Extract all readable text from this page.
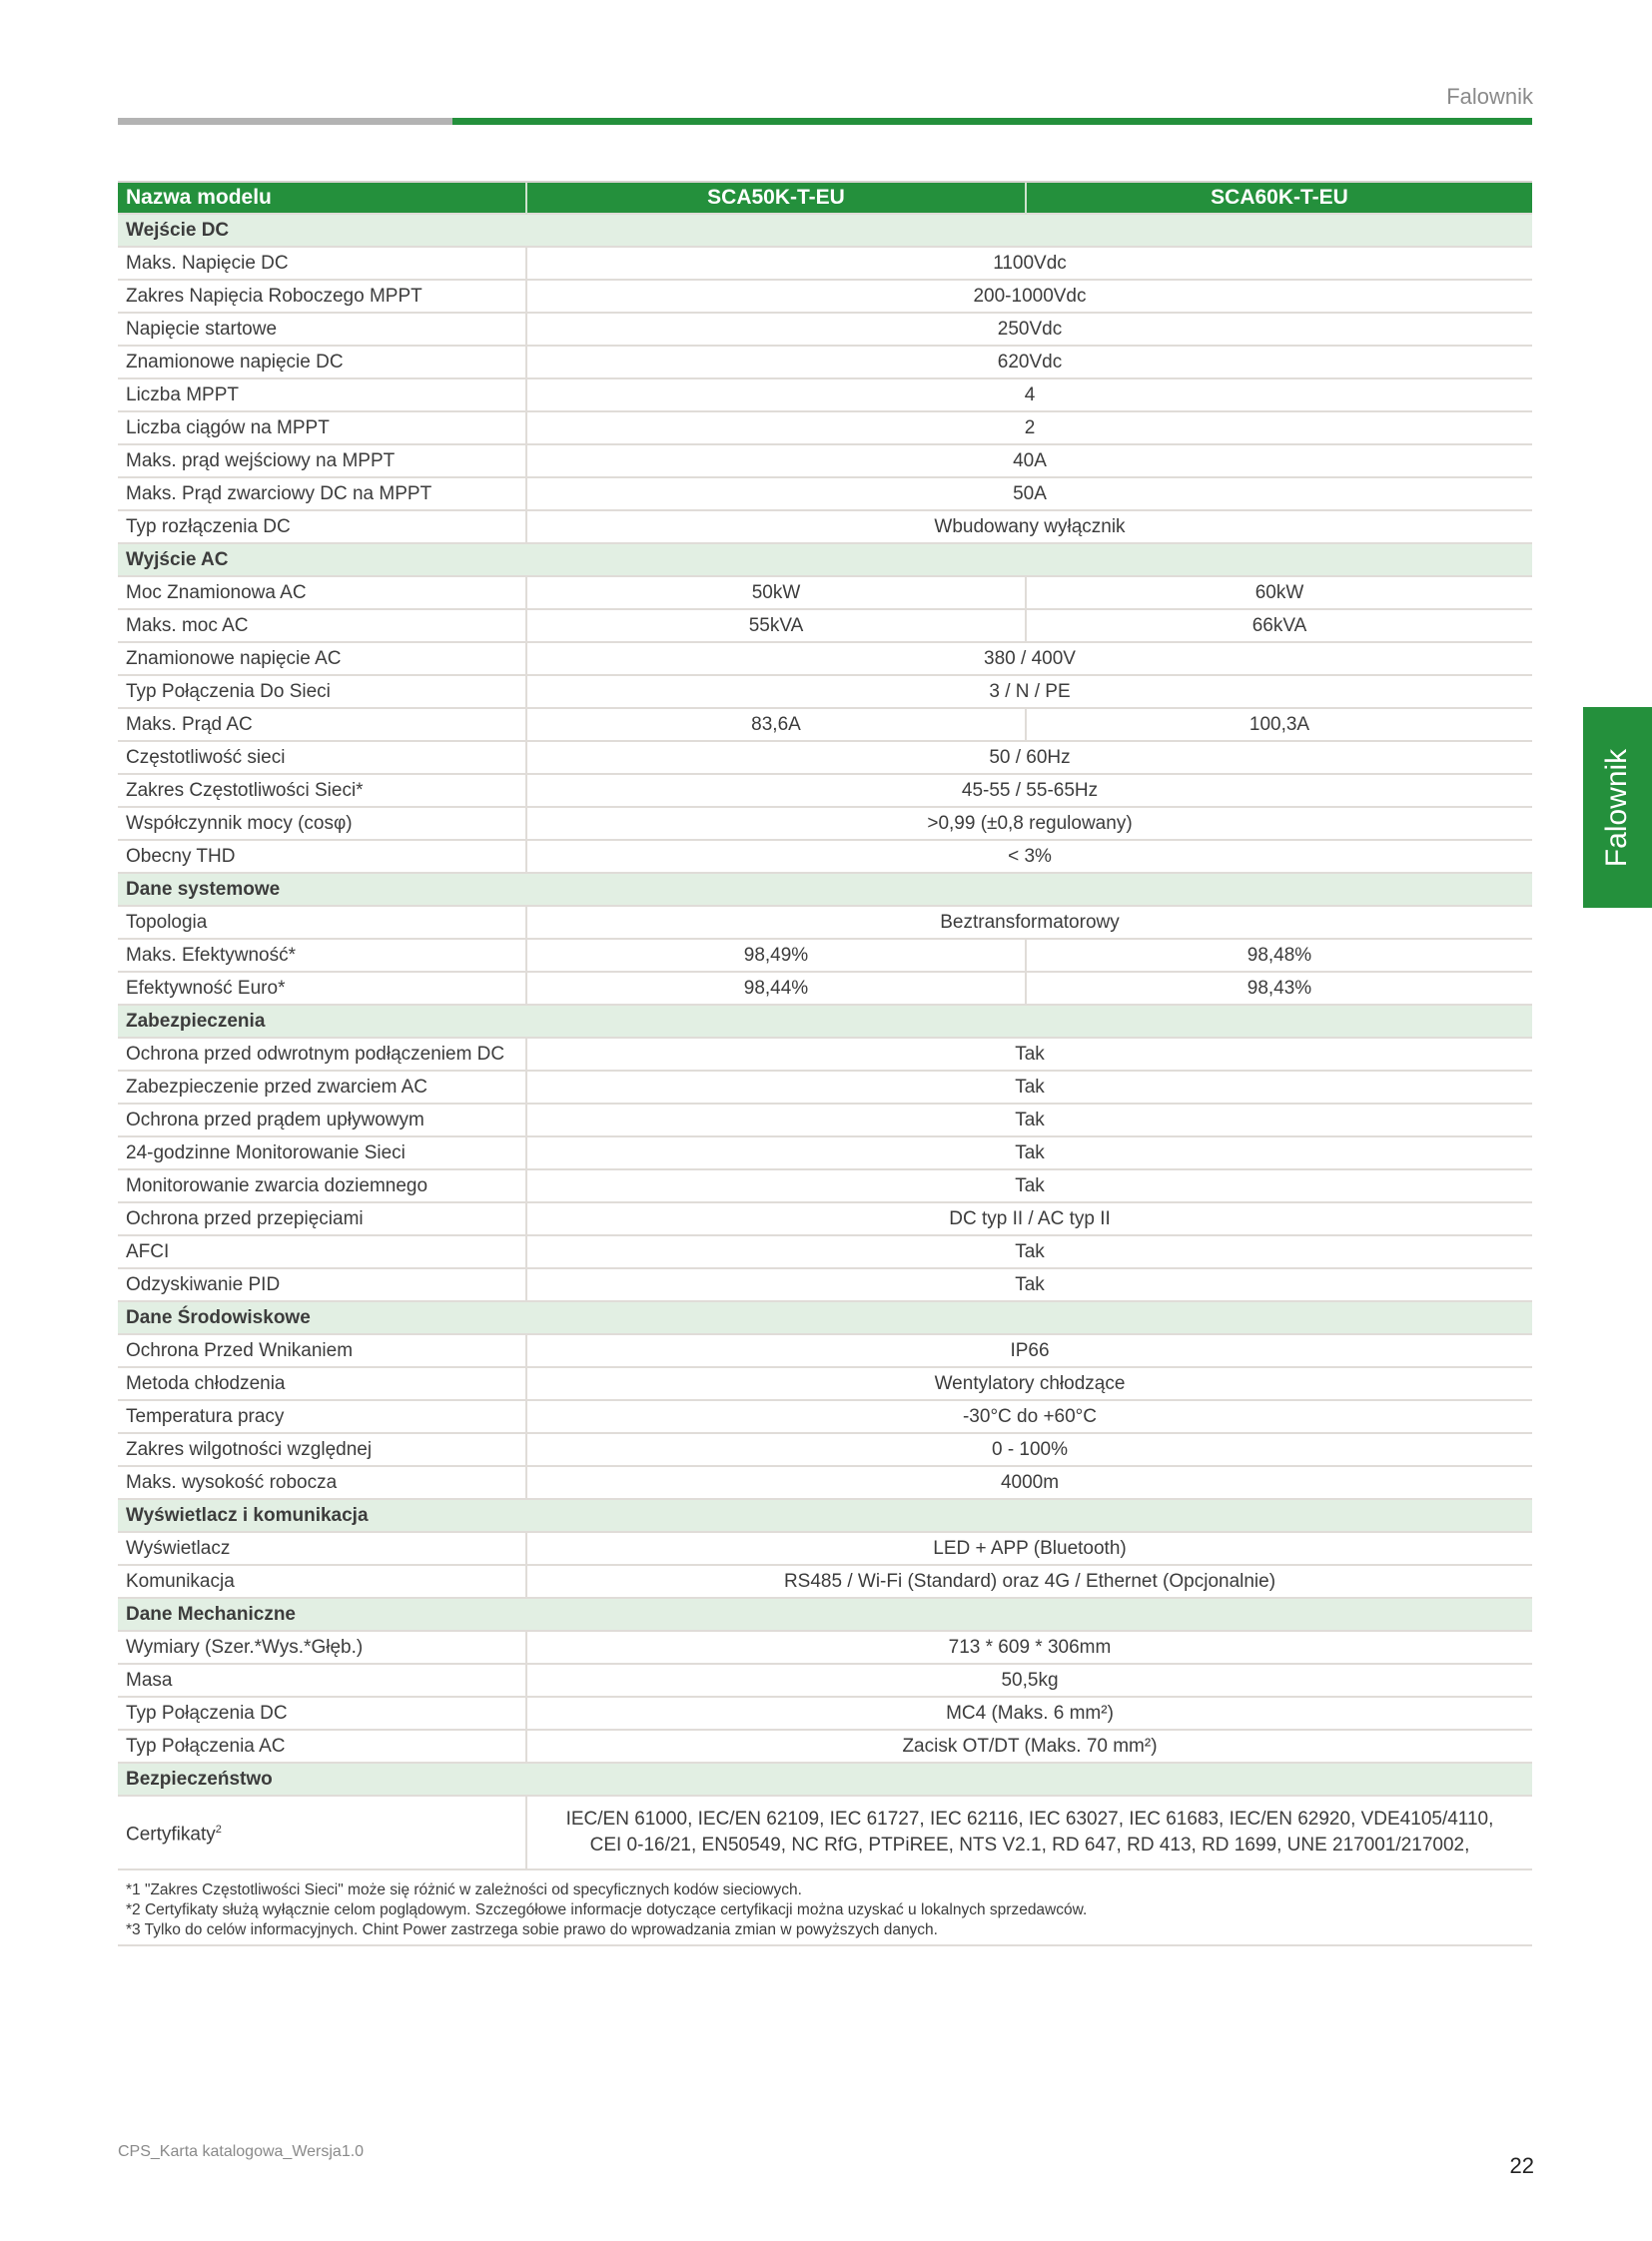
Falownik
Falownik
Nazwa modelu	SCA50K-T-EU	SCA60K-T-EU
Wejście DC		
Maks. Napięcie DC	1100Vdc	
Zakres Napięcia Roboczego MPPT	200-1000Vdc	
Napięcie startowe	250Vdc	
Znamionowe napięcie DC	620Vdc	
Liczba MPPT	4	
Liczba ciągów na MPPT	2	
Maks. prąd wejściowy na MPPT	40A	
Maks. Prąd zwarciowy DC na MPPT	50A	
Typ rozłączenia DC	Wbudowany wyłącznik	
Wyjście AC		
Moc Znamionowa AC	50kW	60kW
Maks. moc AC	55kVA	66kVA
Znamionowe napięcie AC	380 / 400V	
Typ Połączenia Do Sieci	3 / N / PE	
Maks. Prąd AC	83,6A	100,3A
Częstotliwość sieci	50 / 60Hz	
Zakres Częstotliwości Sieci*	45-55 / 55-65Hz	
Współczynnik mocy (cosφ)	>0,99 (±0,8 regulowany)	
Obecny THD	< 3%	
Dane systemowe		
Topologia	Beztransformatorowy	
Maks. Efektywność*	98,49%	98,48%
Efektywność Euro*	98,44%	98,43%
Zabezpieczenia		
Ochrona przed odwrotnym podłączeniem DC	Tak	
Zabezpieczenie przed zwarciem AC	Tak	
Ochrona przed prądem upływowym	Tak	
24-godzinne Monitorowanie Sieci	Tak	
Monitorowanie zwarcia doziemnego	Tak	
Ochrona przed przepięciami	DC typ II / AC typ II	
AFCI	Tak	
Odzyskiwanie PID	Tak	
Dane Środowiskowe		
Ochrona Przed Wnikaniem	IP66	
Metoda chłodzenia	Wentylatory chłodzące	
Temperatura pracy	-30°C do +60°C	
Zakres wilgotności względnej	0 - 100%	
Maks. wysokość robocza	4000m	
Wyświetlacz i komunikacja		
Wyświetlacz	LED + APP (Bluetooth)	
Komunikacja	RS485 / Wi-Fi (Standard) oraz 4G / Ethernet (Opcjonalnie)	
Dane Mechaniczne		
Wymiary (Szer.*Wys.*Głęb.)	713 * 609 * 306mm	
Masa	50,5kg	
Typ Połączenia DC	MC4 (Maks. 6 mm²)	
Typ Połączenia AC	Zacisk OT/DT (Maks. 70 mm²)	
Bezpieczeństwo		
Certyfikaty$^2$	IEC/EN 61000, IEC/EN 62109, IEC 61727, IEC 62116, IEC 63027, IEC 61683, IEC/EN 62920, VDE4105/4110,
CEI 0-16/21, EN50549, NC RfG, PTPiREE, NTS V2.1, RD 647, RD 413, RD 1699, UNE 217001/217002,	
*1 "Zakres Częstotliwości Sieci" może się różnić w zależności od specyficznych kodów sieciowych.
*2 Certyfikaty służą wyłącznie celom poglądowym. Szczegółowe informacje dotyczące certyfikacji można uzyskać u lokalnych sprzedawców.
*3 Tylko do celów informacyjnych. Chint Power zastrzega sobie prawo do wprowadzania zmian w powyższych danych.
CPS_Karta katalogowa_Wersja1.0
22
